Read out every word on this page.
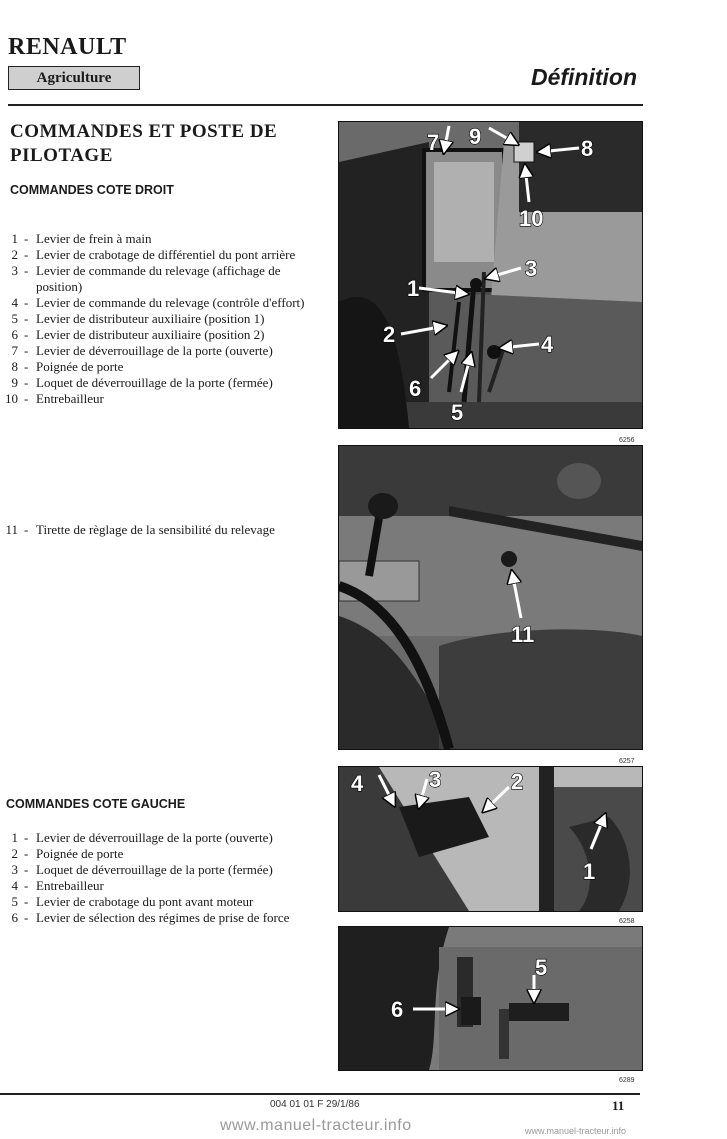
RENAULT
Agriculture	Définition
COMMANDES ET POSTE DE PILOTAGE
COMMANDES COTE DROIT
1 - Levier de frein à main
2 - Levier de crabotage de différentiel du pont arrière
3 - Levier de commande du relevage (affichage de position)
4 - Levier de commande du relevage (contrôle d'effort)
5 - Levier de distributeur auxiliaire (position 1)
6 - Levier de distributeur auxiliaire (position 2)
7 - Levier de déverrouillage de la porte (ouverte)
8 - Poignée de porte
9 - Loquet de déverrouillage de la porte (fermée)
10 - Entrebailleur
11 - Tirette de règlage de la sensibilité du relevage
COMMANDES COTE GAUCHE
1 - Levier de déverrouillage de la porte (ouverte)
2 - Poignée de porte
3 - Loquet de déverrouillage de la porte (fermée)
4 - Entrebailleur
5 - Levier de crabotage du pont avant moteur
6 - Levier de sélection des régimes de prise de force
7 9	8
10
3
1
2	4
6
5
6256
11
6257
4	3	2
1
6258
5
6
6289
004 01 01 F 29/1/86	11
www.manuel-tracteur.info	www.manuel-tracteur.info
